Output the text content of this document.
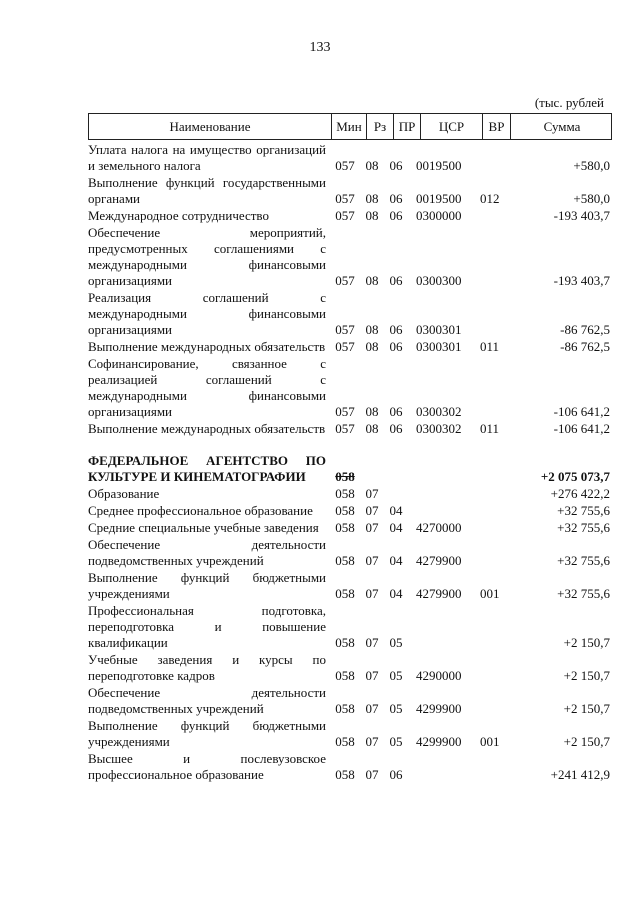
133
(тыс. рублей
Наименование	Мин Рз ПР	ЦСР	ВР	Сумма
Уплата налога на имущество организаций и земельного налога	057 08 06	0019500	+580,0
Выполнение функций государственными органами	057 08 06	0019500	012	+580,0
Международное сотрудничество	057 08 06	0300000	-193 403,7
Обеспечение мероприятий, предусмотренных соглашениями с международными финансовыми организациями	057 08 06	0300300	-193 403,7
Реализация соглашений с международными финансовыми организациями	057 08 06	0300301	-86 762,5
Выполнение международных обязательств 057 08 06	0300301	011	-86 762,5
Софинансирование, связанное с реализацией соглашений с международными финансовыми организациями	057 08 06	0300302	-106 641,2
Выполнение международных обязательств 057 08 06	0300302	011	-106 641,2
ФЕДЕРАЛЬНОЕ АГЕНТСТВО ПО КУЛЬТУРЕ И КИНЕМАТОГРАФИИ	058	+2 075 073,7
Образование	058 07	+276 422,2
Среднее профессиональное образование	058 07 04	+32 755,6
Средние специальные учебные заведения	058 07 04	4270000	+32 755,6
Обеспечение деятельности подведомственных учреждений	058 07 04	4279900	+32 755,6
Выполнение функций бюджетными учреждениями	058 07 04	4279900	001	+32 755,6
Профессиональная подготовка, переподготовка и повышение квалификации	058 07 05	+2 150,7
Учебные заведения и курсы по переподготовке кадров	058 07 05	4290000	+2 150,7
Обеспечение деятельности подведомственных учреждений	058 07 05	4299900	+2 150,7
Выполнение функций бюджетными учреждениями	058 07 05	4299900	001	+2 150,7
Высшее и послевузовское профессиональное образование	058 07 06	+241 412,9
